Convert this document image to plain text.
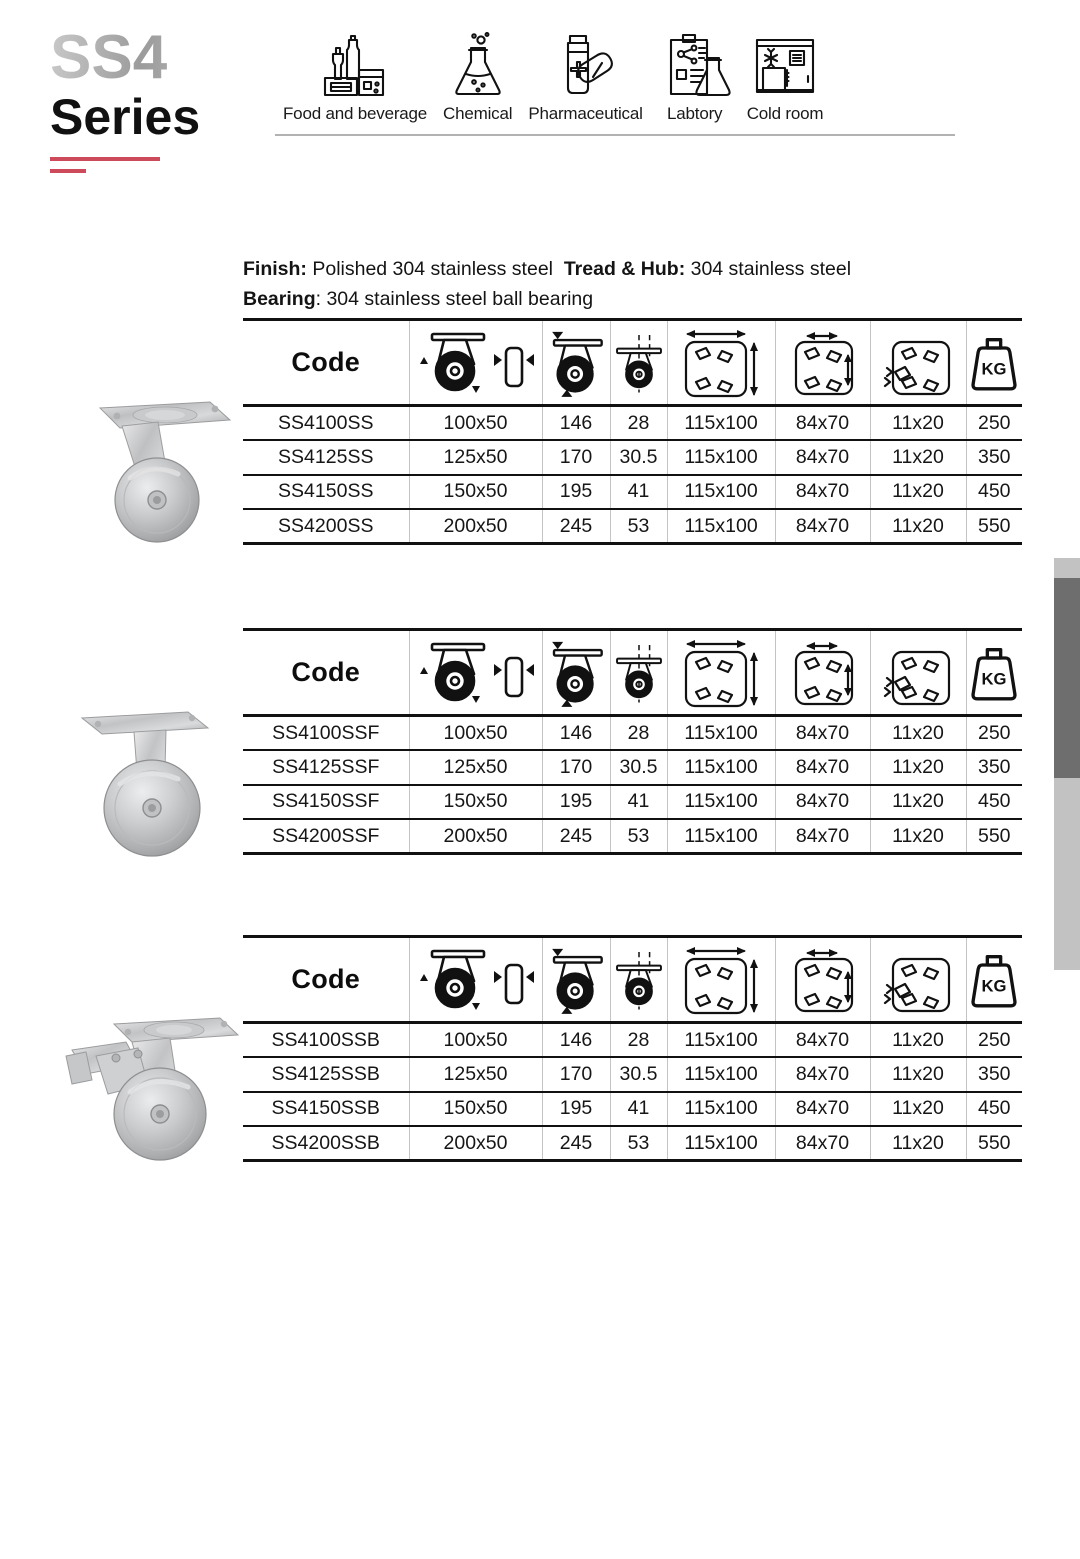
SS4
Series	Food and beverage Chemical Pharmaceutical Labtory Cold room
Finish: Polished 304 stainless steel Tread & Hub: 304 stainless steel
Bearing: 304 stainless steel ball bearing
Code	

SS4100SS	100x50	146	28	115x100	84x70	11x20	250
SS4125SS	125x50	170	30.5	115x100	84x70	11x20	350
SS4150SS	150x50	195	41	115x100	84x70	11x20	450
SS4200SS	200x50	245	53	115x100	84x70	11x20	550
Code	

SS4100SSF	100x50	146	28	115x100	84x70	11x20	250
SS4125SSF	125x50	170	30.5	115x100	84x70	11x20	350
SS4150SSF	150x50	195	41	115x100	84x70	11x20	450
SS4200SSF	200x50	245	53	115x100	84x70	11x20	550
Code	

SS4100SSB	100x50	146	28	115x100	84x70	11x20	250
SS4125SSB	125x50	170	30.5	115x100	84x70	11x20	350
SS4150SSB	150x50	195	41	115x100	84x70	11x20	450
SS4200SSB	200x50	245	53	115x100	84x70	11x20	550
